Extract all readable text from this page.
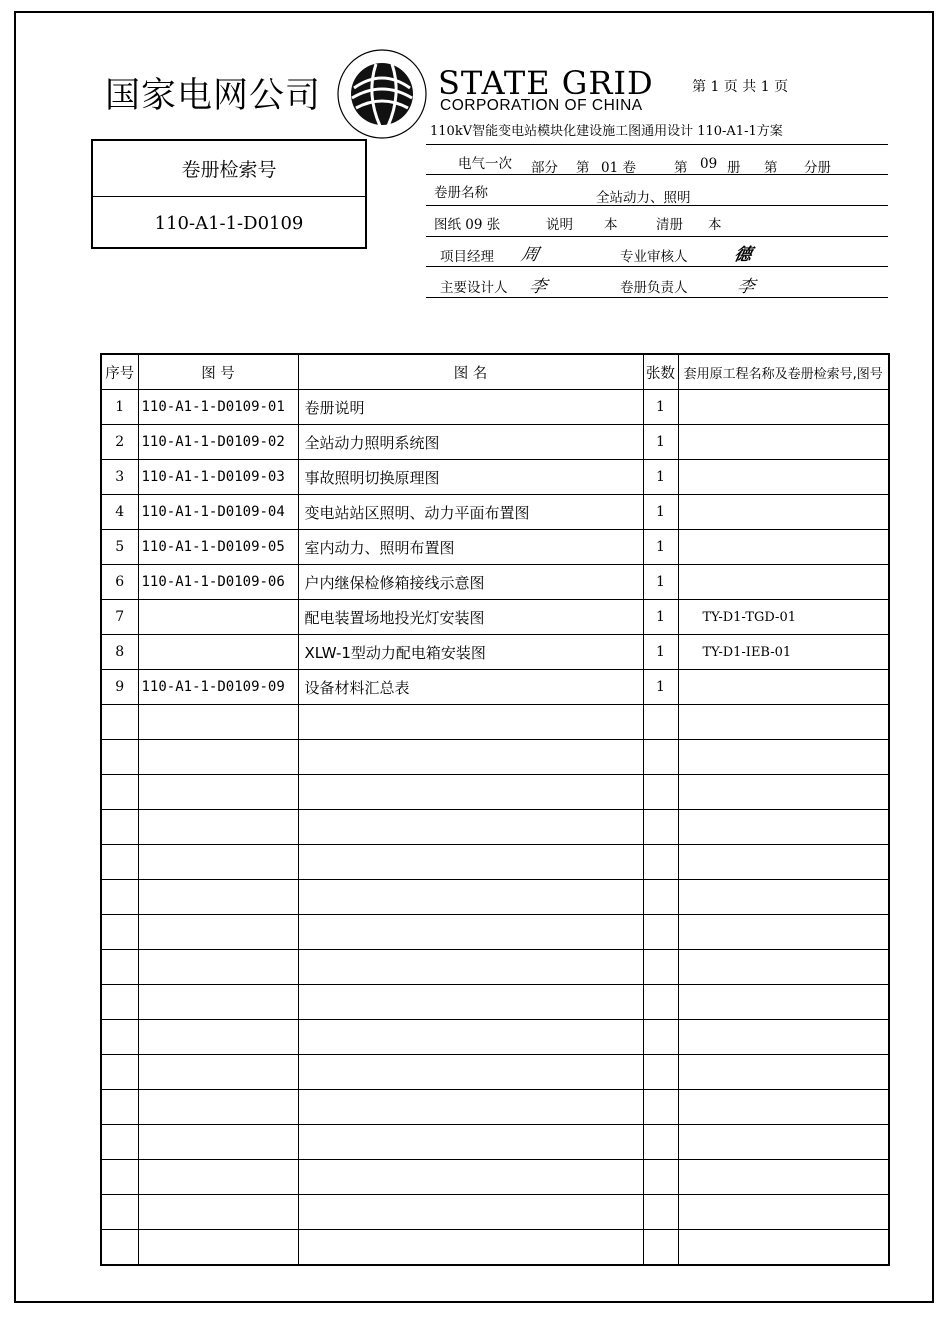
国家电网公司	STATE GRID
CORPORATION OF CHINA
第 1 页 共 1 页
110kV智能变电站模块化建设施工图通用设计 110-A1-1方案
卷册检索号
110-A1-1-D0109
电气一次 部分 第 01 卷	第 09 册 第 分册
卷册名称	全站动力、照明
图纸 09 张	说明 本	清册 本
项目经理 周	专业审核人	德
主要设计人 李	卷册负责人	李
序号	图 号	图 名	张数	套用原工程名称及卷册检索号,图号
1	110-A1-1-D0109-01	卷册说明	1	
2	110-A1-1-D0109-02	全站动力照明系统图	1	
3	110-A1-1-D0109-03	事故照明切换原理图	1	
4	110-A1-1-D0109-04	变电站站区照明、动力平面布置图	1	
5	110-A1-1-D0109-05	室内动力、照明布置图	1	
6	110-A1-1-D0109-06	户内继保检修箱接线示意图	1	
7		配电装置场地投光灯安装图	1	TY-D1-TGD-01
8		XLW-1型动力配电箱安装图	1	TY-D1-IEB-01
9	110-A1-1-D0109-09	设备材料汇总表	1	
